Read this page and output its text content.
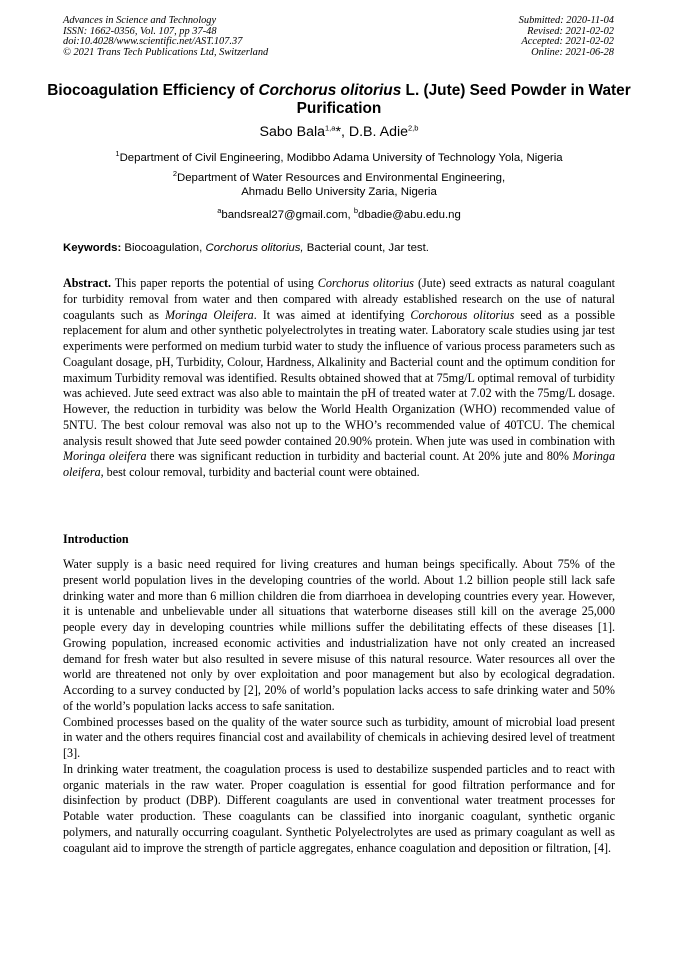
Advances in Science and Technology
ISSN: 1662-0356, Vol. 107, pp 37-48
doi:10.4028/www.scientific.net/AST.107.37
© 2021 Trans Tech Publications Ltd, Switzerland
Submitted: 2020-11-04
Revised: 2021-02-02
Accepted: 2021-02-02
Online: 2021-06-28
Biocoagulation Efficiency of Corchorus olitorius L. (Jute) Seed Powder in Water Purification
Sabo Bala$^{1,a}$*, D.B. Adie$^{2,b}$
$^1$Department of Civil Engineering, Modibbo Adama University of Technology Yola, Nigeria
$^2$Department of Water Resources and Environmental Engineering,
Ahmadu Bello University Zaria, Nigeria
$^a$bandsreal27@gmail.com, $^b$dbadie@abu.edu.ng
Keywords: Biocoagulation, Corchorus olitorius, Bacterial count, Jar test.

Abstract. This paper reports the potential of using Corchorus olitorius (Jute) seed extracts as natural coagulant for turbidity removal from water and then compared with already established research on the use of natural coagulants such as Moringa Oleifera. It was aimed at identifying Corchorous olitorius seed as a possible replacement for alum and other synthetic polyelectrolytes in treating water. Laboratory scale studies using jar test experiments were performed on medium turbid water to study the influence of various process parameters such as Coagulant dosage, pH, Turbidity, Colour, Hardness, Alkalinity and Bacterial count and the optimum condition for maximum Turbidity removal was identified. Results obtained showed that at 75mg/L optimal removal of turbidity was achieved. Jute seed extract was also able to maintain the pH of treated water at 7.02 with the 75mg/L dosage. However, the reduction in turbidity was below the World Health Organization (WHO) recommended value of 5NTU. The best colour removal was also not up to the WHO’s recommended value of 40TCU. The chemical analysis result showed that Jute seed powder contained 20.90% protein. When jute was used in combination with Moringa oleifera there was significant reduction in turbidity and bacterial count. At 20% jute and 80% Moringa oleifera, best colour removal, turbidity and bacterial count were obtained.

Introduction

Water supply is a basic need required for living creatures and human beings specifically. About 75% of the present world population lives in the developing countries of the world. About 1.2 billion people still lack safe drinking water and more than 6 million children die from diarrhoea in developing countries every year. However, it is untenable and unbelievable under all situations that waterborne diseases still kill on the average 25,000 people every day in developing countries while millions suffer the debilitating effects of these diseases [1]. Growing population, increased economic activities and industrialization have not only created an increased demand for fresh water but also resulted in severe misuse of this natural resource. Water resources all over the world are threatened not only by over exploitation and poor management but also by ecological degradation. According to a survey conducted by [2], 20% of world’s population lacks access to safe drinking water and 50% of the world’s population lacks access to safe sanitation.

Combined processes based on the quality of the water source such as turbidity, amount of microbial load present in water and the others requires financial cost and availability of chemicals in achieving desired level of treatment [3].

In drinking water treatment, the coagulation process is used to destabilize suspended particles and to react with organic materials in the raw water. Proper coagulation is essential for good filtration performance and for disinfection by product (DBP). Different coagulants are used in conventional water treatment processes for Potable water production. These coagulants can be classified into inorganic coagulant, synthetic organic polymers, and naturally occurring coagulant. Synthetic Polyelectrolytes are used as primary coagulant as well as coagulant aid to improve the strength of particle aggregates, enhance coagulation and deposition or filtration, [4].
